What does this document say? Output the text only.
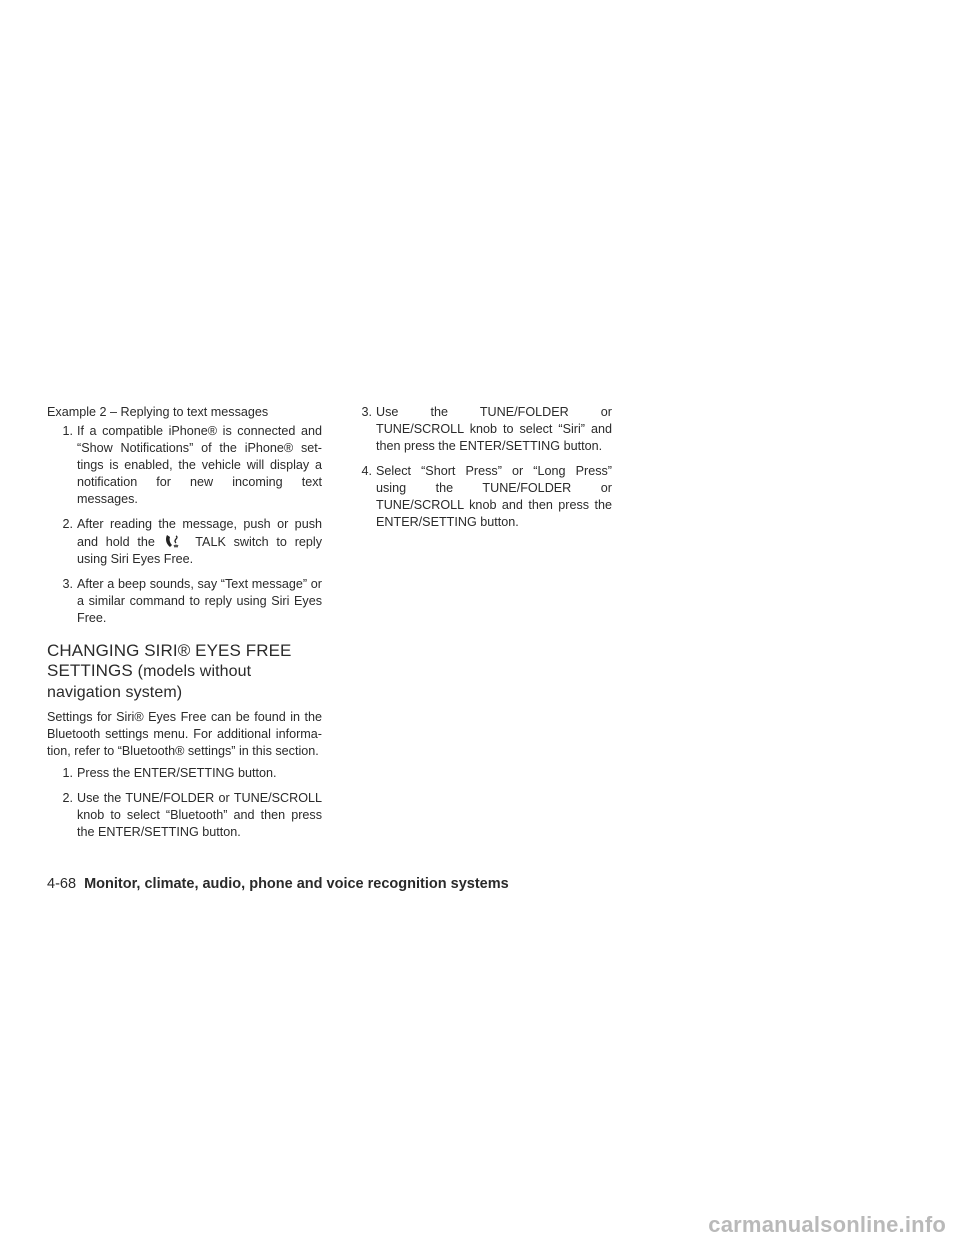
Example 2 – Replying to text messages

1. If a compatible iPhone® is connected and “Show Notifications” of the iPhone® set-tings is enabled, the vehicle will display a notification for new incoming text messages.
2. After reading the message, push or push and hold the	TALK switch to reply using Siri Eyes Free.
3. After a beep sounds, say “Text message” or a similar command to reply using Siri Eyes Free.
CHANGING SIRI® EYES FREE SETTINGS (models without navigation system)

Settings for Siri® Eyes Free can be found in the Bluetooth settings menu. For additional informa-tion, refer to “Bluetooth® settings” in this section.

1. Press the ENTER/SETTING button.
2. Use the TUNE/FOLDER or TUNE/SCROLL knob to select “Bluetooth” and then press the ENTER/SETTING button.
3. Use the TUNE/FOLDER or TUNE/SCROLL knob to select “Siri” and then press the ENTER/SETTING button.
4. Select “Short Press” or “Long Press” using the TUNE/FOLDER or TUNE/SCROLL knob and then press the ENTER/SETTING button.
4-68 Monitor, climate, audio, phone and voice recognition systems
carmanualsonline.info
